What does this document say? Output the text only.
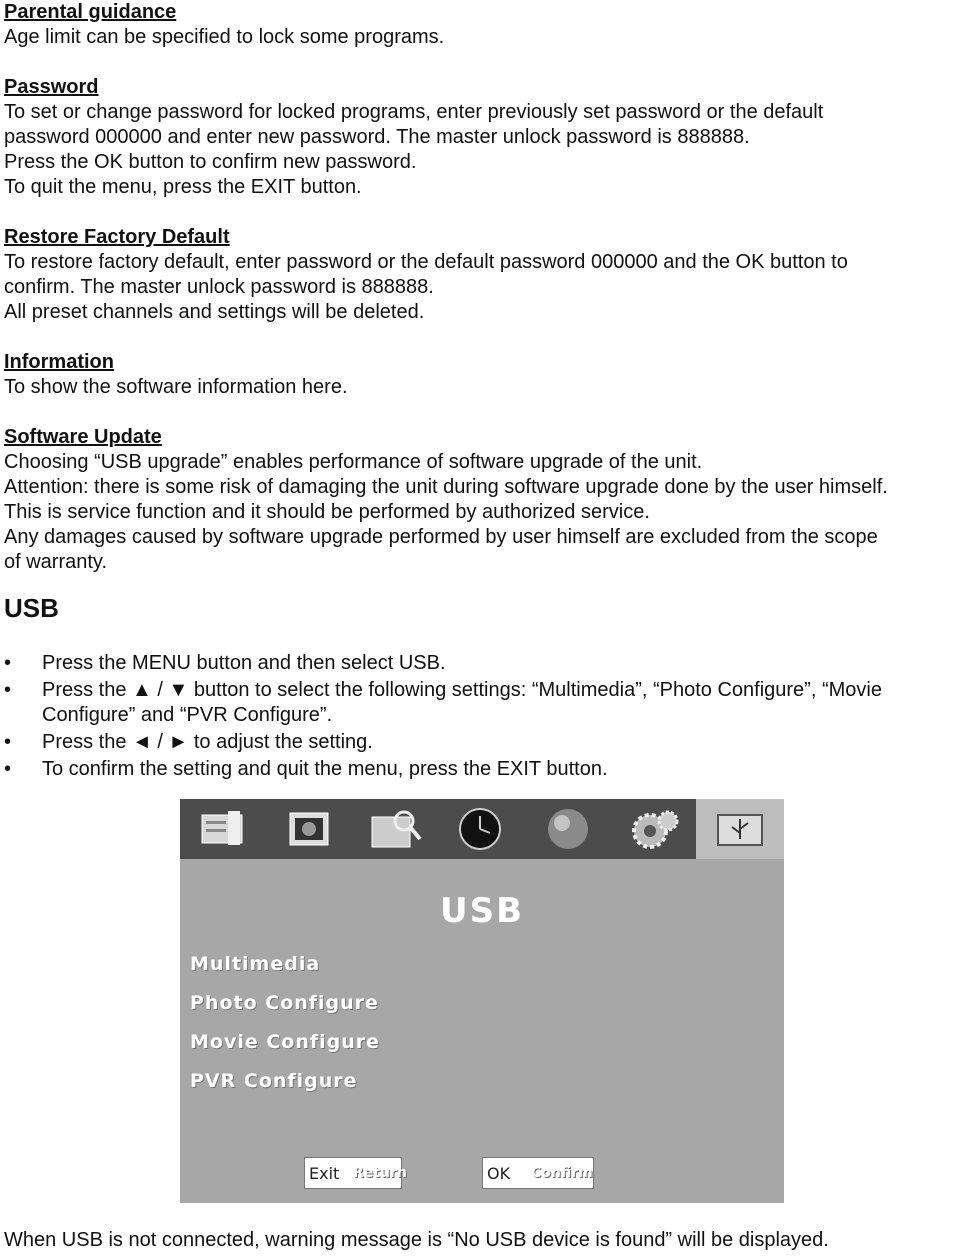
Parental guidance

Age limit can be specified to lock some programs.

Password

To set or change password for locked programs, enter previously set password or the default

password 000000 and enter new password. The master unlock password is 888888.

Press the OK button to confirm new password.

To quit the menu, press the EXIT button.

Restore Factory Default

To restore factory default, enter password or the default password 000000 and the OK button to

confirm. The master unlock password is 888888.

All preset channels and settings will be deleted.

Information

To show the software information here.

Software Update

Choosing “USB upgrade” enables performance of software upgrade of the unit.

Attention: there is some risk of damaging the unit during software upgrade done by the user himself.

This is service function and it should be performed by authorized service.

Any damages caused by software upgrade performed by user himself are excluded from the scope

of warranty.

USB
•	Press the MENU button and then select USB.
•	Press the ▲ / ▼ button to select the following settings: “Multimedia”, “Photo Configure”, “Movie Configure” and “PVR Configure”.
•	Press the ◄ / ► to adjust the setting.
•	To confirm the setting and quit the menu, press the EXIT button.
USB
Multimedia
Photo Configure
Movie Configure
PVR Configure
Exit Return	OK Confirm
When USB is not connected, warning message is “No USB device is found” will be displayed.
